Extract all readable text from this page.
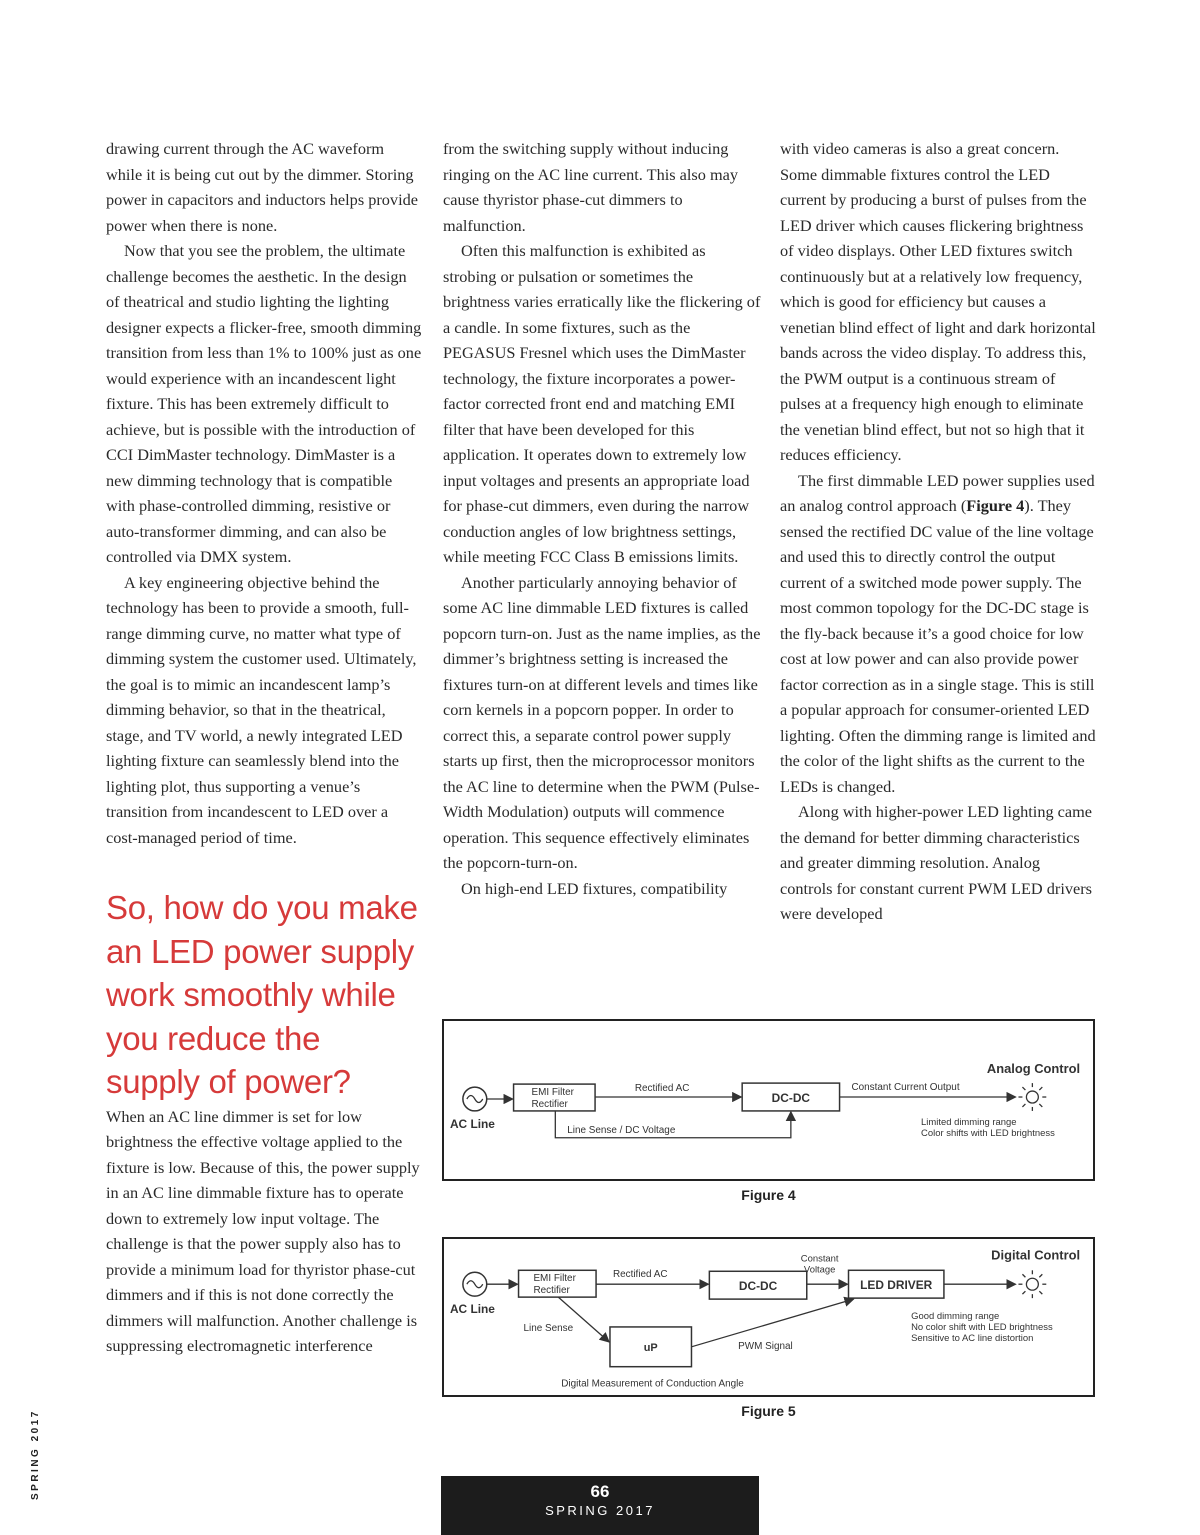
drawing current through the AC waveform while it is being cut out by the dimmer. Storing power in capacitors and inductors helps provide power when there is none.

Now that you see the problem, the ultimate challenge becomes the aesthetic. In the design of theatrical and studio lighting the lighting designer expects a flicker-free, smooth dimming transition from less than 1% to 100% just as one would experience with an incandescent light fixture. This has been extremely difficult to achieve, but is possible with the introduction of CCI DimMaster technology. DimMaster is a new dimming technology that is compatible with phase-controlled dimming, resistive or auto-transformer dimming, and can also be controlled via DMX system.

A key engineering objective behind the technology has been to provide a smooth, full-range dimming curve, no matter what type of dimming system the customer used. Ultimately, the goal is to mimic an incandescent lamp’s dimming behavior, so that in the theatrical, stage, and TV world, a newly integrated LED lighting fixture can seamlessly blend into the lighting plot, thus supporting a venue’s transition from incandescent to LED over a cost-managed period of time.

So, how do you make an LED power supply work smoothly while you reduce the supply of power?

When an AC line dimmer is set for low brightness the effective voltage applied to the fixture is low. Because of this, the power supply in an AC line dimmable fixture has to operate down to extremely low input voltage. The challenge is that the power supply also has to provide a minimum load for thyristor phase-cut dimmers and if this is not done correctly the dimmers will malfunction. Another challenge is suppressing electromagnetic interference

from the switching supply without inducing ringing on the AC line current. This also may cause thyristor phase-cut dimmers to malfunction.

Often this malfunction is exhibited as strobing or pulsation or sometimes the brightness varies erratically like the flickering of a candle. In some fixtures, such as the PEGASUS Fresnel which uses the DimMaster technology, the fixture incorporates a power-factor corrected front end and matching EMI filter that have been developed for this application. It operates down to extremely low input voltages and presents an appropriate load for phase-cut dimmers, even during the narrow conduction angles of low brightness settings, while meeting FCC Class B emissions limits.

Another particularly annoying behavior of some AC line dimmable LED fixtures is called popcorn turn-on. Just as the name implies, as the dimmer’s brightness setting is increased the fixtures turn-on at different levels and times like corn kernels in a popcorn popper. In order to correct this, a separate control power supply starts up first, then the microprocessor monitors the AC line to determine when the PWM (Pulse-Width Modulation) outputs will commence operation. This sequence effectively eliminates the popcorn-turn-on.

On high-end LED fixtures, compatibility

with video cameras is also a great concern. Some dimmable fixtures control the LED current by producing a burst of pulses from the LED driver which causes flickering brightness of video displays. Other LED fixtures switch continuously but at a relatively low frequency, which is good for efficiency but causes a venetian blind effect of light and dark horizontal bands across the video display. To address this, the PWM output is a continuous stream of pulses at a frequency high enough to eliminate the venetian blind effect, but not so high that it reduces efficiency.

The first dimmable LED power supplies used an analog control approach (Figure 4). They sensed the rectified DC value of the line voltage and used this to directly control the output current of a switched mode power supply. The most common topology for the DC-DC stage is the fly-back because it’s a good choice for low cost at low power and can also provide power factor correction as in a single stage. This is still a popular approach for consumer-oriented LED lighting. Often the dimming range is limited and the color of the light shifts as the current to the LEDs is changed.

Along with higher-power LED lighting came the demand for better dimming characteristics and greater dimming resolution. Analog controls for constant current PWM LED drivers were developed

Analog Control
AC Line
EMI Filter
Rectifier
Rectified AC
DC-DC
Constant Current Output
Line Sense / DC Voltage
Limited dimming range
Color shifts with LED brightness
Figure 4
Digital Control
AC Line
EMI Filter
Rectifier
Rectified AC
DC-DC
Constant
Voltage
LED DRIVER
Line Sense
uP	PWM Signal
Digital Measurement of Conduction Angle
Good dimming range
No color shift with LED brightness
Sensitive to AC line distortion
Figure 5
SPRING 2017	66
SPRING 2017
